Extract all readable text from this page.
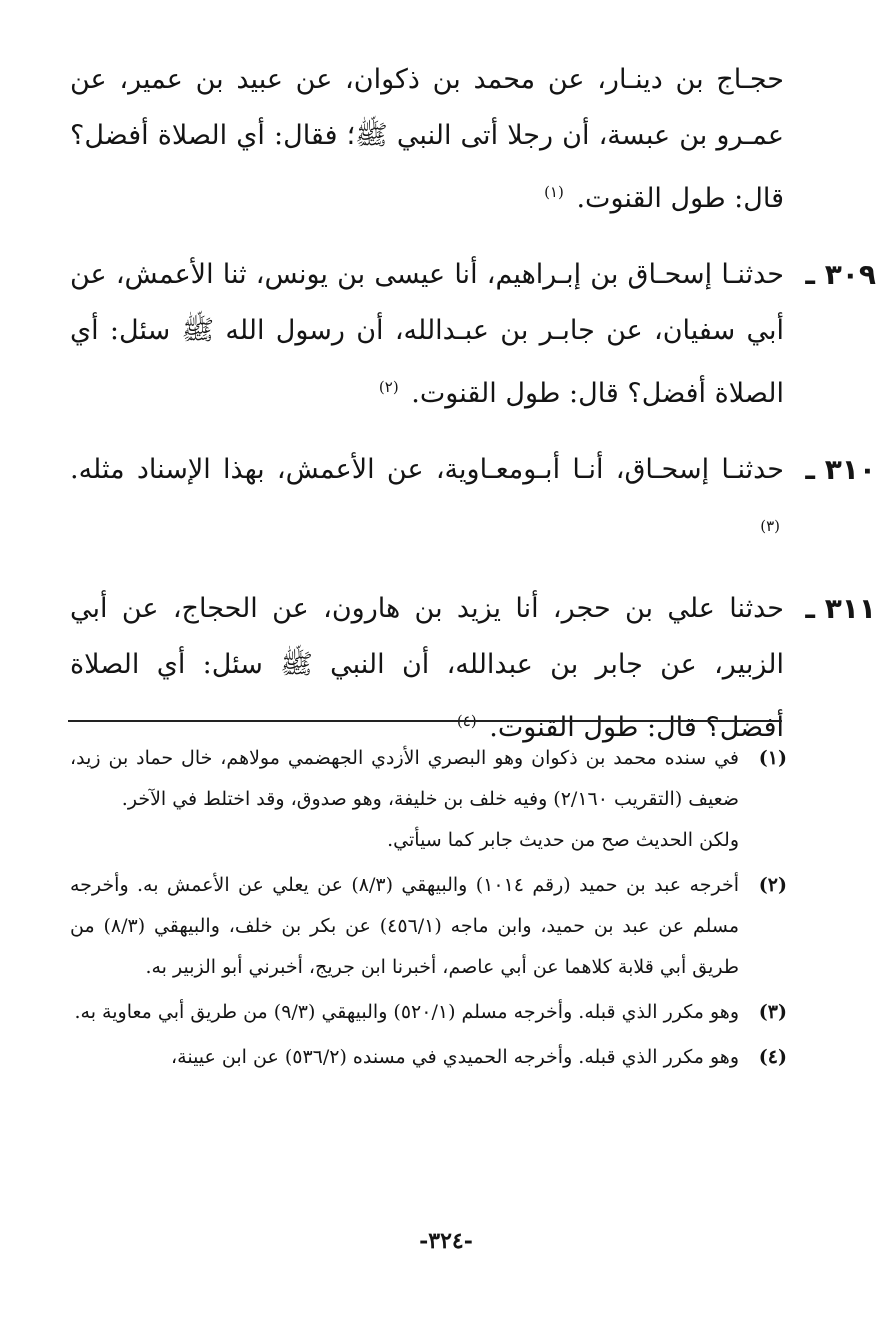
حجـاج بن دينـار، عن محمد بن ذكوان، عن عبيد بن عمير، عن عمـرو بن عبسة، أن رجلا أتى النبي ﷺ؛ فقال: أي الصلاة أفضل؟ قال: طول القنوت. $^{(١)}$
٣٠٩ ـ
حدثنـا إسحـاق بن إبـراهيم، أنا عيسى بن يونس، ثنا الأعمش، عن أبي سفيان، عن جابـر بن عبـدالله، أن رسول الله ﷺ سئل: أي الصلاة أفضل؟ قال: طول القنوت. $^{(٢)}$
٣١٠ ـ
حدثنـا إسحـاق، أنـا أبـومعـاوية، عن الأعمش، بهذا الإسناد مثله. $^{(٣)}$
٣١١ ـ
حدثنا علي بن حجر، أنا يزيد بن هارون، عن الحجاج، عن أبي الزبير، عن جابر بن عبدالله، أن النبي ﷺ سئل: أي الصلاة أفضل؟ قال: طول القنوت. $^{(٤)}$
(١)
في سنده محمد بن ذكوان وهو البصري الأزدي الجهضمي مولاهم، خال حماد بن زيد، ضعيف (التقريب ٢/١٦٠) وفيه خلف بن خليفة، وهو صدوق، وقد اختلط في الآخر.
ولكن الحديث صح من حديث جابر كما سيأتي.
(٢)
أخرجه عبد بن حميد (رقم ١٠١٤) والبيهقي (٨/٣) عن يعلي عن الأعمش به. وأخرجه مسلم عن عبد بن حميد، وابن ماجه (٤٥٦/١) عن بكر بن خلف، والبيهقي (٨/٣) من طريق أبي قلابة كلاهما عن أبي عاصم، أخبرنا ابن جريج، أخبرني أبو الزبير به.
(٣)
وهو مكرر الذي قبله. وأخرجه مسلم (٥٢٠/١) والبيهقي (٩/٣) من طريق أبي معاوية به.
(٤)
وهو مكرر الذي قبله. وأخرجه الحميدي في مسنده (٥٣٦/٢) عن ابن عيينة،
-٣٢٤-
